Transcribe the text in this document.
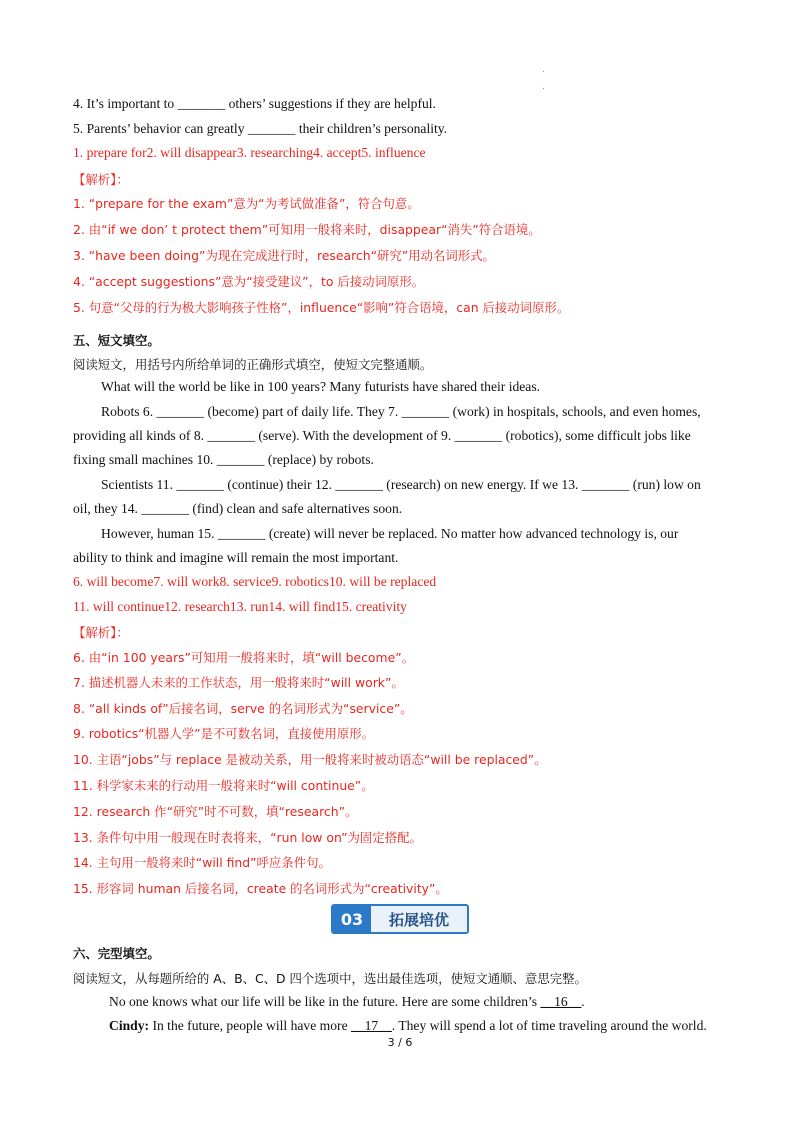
.
.
4. It’s important to _______ others’ suggestions if they are helpful.
5. Parents’ behavior can greatly _______ their children’s personality.
1. prepare for2. will disappear3. researching4. accept5. influence
【解析】：
1. “prepare for the exam”意为“为考试做准备”，符合句意。
2. 由“if we don’ t protect them”可知用一般将来时，disappear“消失”符合语境。
3. “have been doing”为现在完成进行时，research“研究”用动名词形式。
4. “accept suggestions”意为“接受建议”，to 后接动词原形。
5. 句意“父母的行为极大影响孩子性格”，influence“影响”符合语境，can 后接动词原形。
五、短文填空。
阅读短文，用括号内所给单词的正确形式填空，使短文完整通顺。
What will the world be like in 100 years? Many futurists have shared their ideas.
Robots 6. _______ (become) part of daily life. They 7. _______ (work) in hospitals, schools, and even homes,
providing all kinds of 8. _______ (serve). With the development of 9. _______ (robotics), some difficult jobs like
fixing small machines 10. _______ (replace) by robots.
Scientists 11. _______ (continue) their 12. _______ (research) on new energy. If we 13. _______ (run) low on
oil, they 14. _______ (find) clean and safe alternatives soon.
However, human 15. _______ (create) will never be replaced. No matter how advanced technology is, our
ability to think and imagine will remain the most important.
6. will become7. will work8. service9. robotics10. will be replaced
11. will continue12. research13. run14. will find15. creativity
【解析】：
6. 由“in 100 years”可知用一般将来时，填“will become”。
7. 描述机器人未来的工作状态，用一般将来时“will work”。
8. “all kinds of”后接名词，serve 的名词形式为“service”。
9. robotics“机器人学”是不可数名词，直接使用原形。
10. 主语“jobs”与 replace 是被动关系，用一般将来时被动语态“will be replaced”。
11. 科学家未来的行动用一般将来时“will continue”。
12. research 作“研究”时不可数，填“research”。
13. 条件句中用一般现在时表将来，“run low on”为固定搭配。
14. 主句用一般将来时“will find”呼应条件句。
15. 形容词 human 后接名词，create 的名词形式为“creativity”。
03	拓展培优
六、完型填空。
阅读短文，从每题所给的 A、B、C、D 四个选项中，选出最佳选项，使短文通顺、意思完整。
No one knows what our life will be like in the future. Here are some children’s __16__.
Cindy: In the future, people will have more __17__. They will spend a lot of time traveling around the world.
3 / 6
